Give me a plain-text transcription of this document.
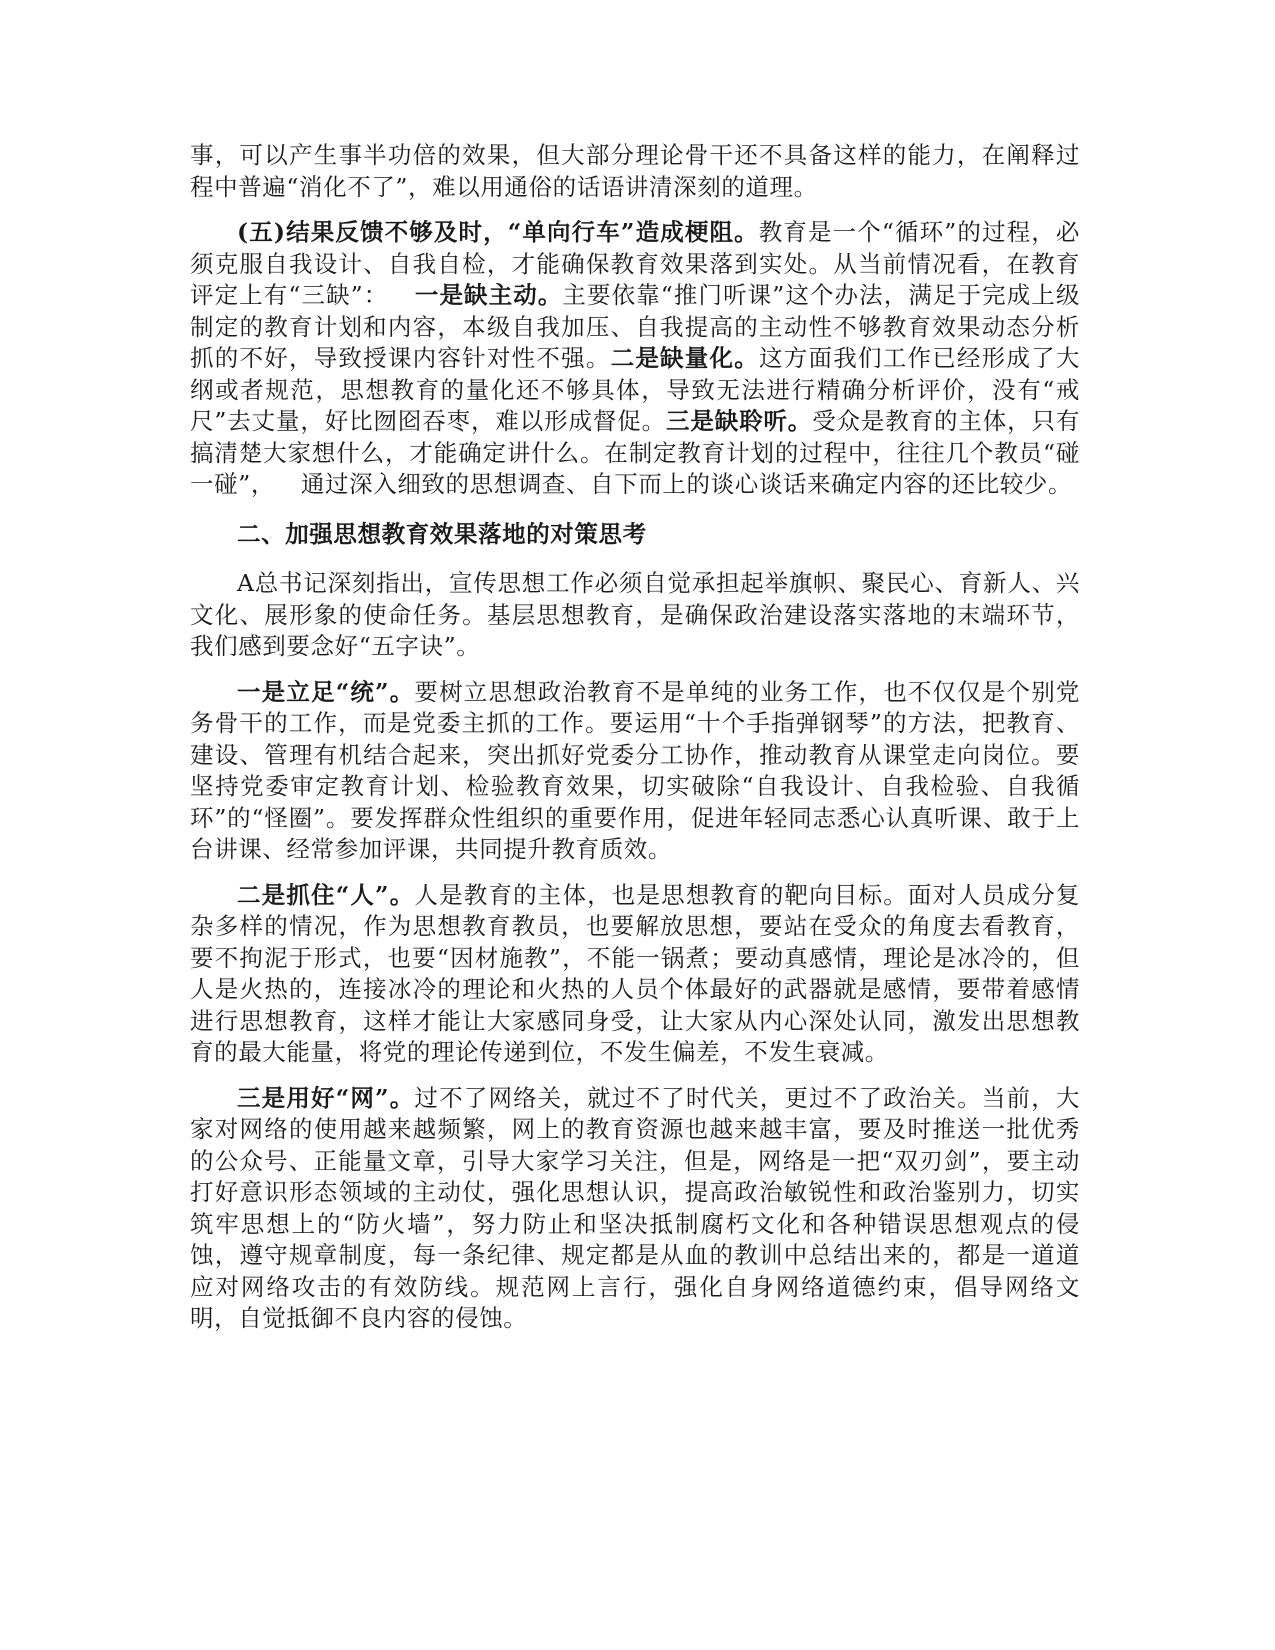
事，可以产生事半功倍的效果，但大部分理论骨干还不具备这样的能力，在阐释过程中普遍“消化不了”，难以用通俗的话语讲清深刻的道理。

(五)结果反馈不够及时，“单向行车”造成梗阻。教育是一个“循环”的过程，必须克服自我设计、自我自检，才能确保教育效果落到实处。从当前情况看，在教育评定上有“三缺”： 一是缺主动。主要依靠“推门听课”这个办法，满足于完成上级制定的教育计划和内容，本级自我加压、自我提高的主动性不够教育效果动态分析抓的不好，导致授课内容针对性不强。二是缺量化。这方面我们工作已经形成了大纲或者规范，思想教育的量化还不够具体，导致无法进行精确分析评价，没有“戒尺”去丈量，好比囫囵吞枣，难以形成督促。三是缺聆听。受众是教育的主体，只有搞清楚大家想什么，才能确定讲什么。在制定教育计划的过程中，往往几个教员“碰一碰”， 通过深入细致的思想调查、自下而上的谈心谈话来确定内容的还比较少。

二、加强思想教育效果落地的对策思考

A总书记深刻指出，宣传思想工作必须自觉承担起举旗帜、聚民心、育新人、兴文化、展形象的使命任务。基层思想教育，是确保政治建设落实落地的末端环节，我们感到要念好“五字诀”。

一是立足“统”。要树立思想政治教育不是单纯的业务工作，也不仅仅是个别党务骨干的工作，而是党委主抓的工作。要运用“十个手指弹钢琴”的方法，把教育、建设、管理有机结合起来，突出抓好党委分工协作，推动教育从课堂走向岗位。要坚持党委审定教育计划、检验教育效果，切实破除“自我设计、自我检验、自我循环”的“怪圈”。要发挥群众性组织的重要作用，促进年轻同志悉心认真听课、敢于上台讲课、经常参加评课，共同提升教育质效。

二是抓住“人”。人是教育的主体，也是思想教育的靶向目标。面对人员成分复杂多样的情况，作为思想教育教员，也要解放思想，要站在受众的角度去看教育，要不拘泥于形式，也要“因材施教”，不能一锅煮；要动真感情，理论是冰冷的，但人是火热的，连接冰冷的理论和火热的人员个体最好的武器就是感情，要带着感情进行思想教育，这样才能让大家感同身受，让大家从内心深处认同，激发出思想教育的最大能量，将党的理论传递到位，不发生偏差，不发生衰减。

三是用好“网”。过不了网络关，就过不了时代关，更过不了政治关。当前，大家对网络的使用越来越频繁，网上的教育资源也越来越丰富，要及时推送一批优秀的公众号、正能量文章，引导大家学习关注，但是，网络是一把“双刃剑”，要主动打好意识形态领域的主动仗，强化思想认识，提高政治敏锐性和政治鉴别力，切实筑牢思想上的“防火墙”，努力防止和坚决抵制腐朽文化和各种错误思想观点的侵蚀，遵守规章制度，每一条纪律、规定都是从血的教训中总结出来的，都是一道道应对网络攻击的有效防线。规范网上言行，强化自身网络道德约束，倡导网络文明，自觉抵御不良内容的侵蚀。
